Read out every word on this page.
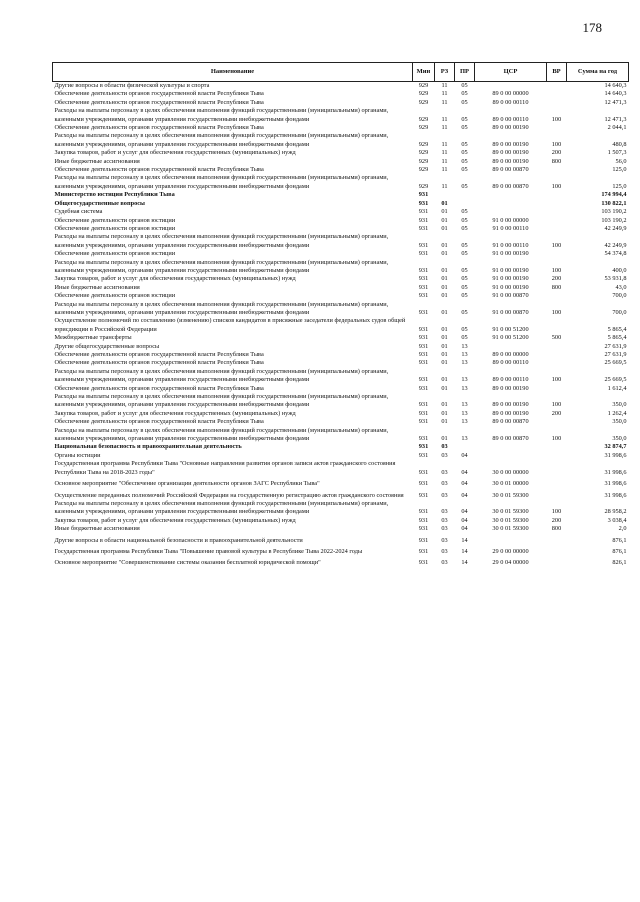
178
Наименование	Мин	РЗ	ПР	ЦСР	ВР	Сумма на год
Другие вопросы в области физической культуры и спорта	929	11	05			14 640,3
Обеспечение деятельности органов государственной власти Республики Тыва	929	11	05	89 0 00 00000		14 640,3
Обеспечение деятельности органов государственной власти Республики Тыва	929	11	05	89 0 00 00110		12 471,3
Расходы на выплаты персоналу в целях обеспечения выполнения функций государственными (муниципальными) органами, казенными учреждениями, органами управления государственными внебюджетными фондами	929	11	05	89 0 00 00110	100	12 471,3
Обеспечение деятельности органов государственной власти Республики Тыва	929	11	05	89 0 00 00190		2 044,1
Расходы на выплаты персоналу в целях обеспечения выполнения функций государственными (муниципальными) органами, казенными учреждениями, органами управления государственными внебюджетными фондами	929	11	05	89 0 00 00190	100	480,8
Закупка товаров, работ и услуг для обеспечения государственных (муниципальных) нужд	929	11	05	89 0 00 00190	200	1 507,3
Иные бюджетные ассигнования	929	11	05	89 0 00 00190	800	56,0
Обеспечение деятельности органов государственной власти Республики Тыва	929	11	05	89 0 00 00870		125,0
Расходы на выплаты персоналу в целях обеспечения выполнения функций государственными (муниципальными) органами, казенными учреждениями, органами управления государственными внебюджетными фондами	929	11	05	89 0 00 00870	100	125,0
Министерство юстиции Республики Тыва	931					174 994,4
Общегосударственные вопросы	931	01				130 822,1
Судебная система	931	01	05			103 190,2
Обеспечение деятельности органов юстиции	931	01	05	91 0 00 00000		103 190,2
Обеспечение деятельности органов юстиции	931	01	05	91 0 00 00110		42 249,9
Расходы на выплаты персоналу в целях обеспечения выполнения функций государственными (муниципальными) органами, казенными учреждениями, органами управления государственными внебюджетными фондами	931	01	05	91 0 00 00110	100	42 249,9
Обеспечение деятельности органов юстиции	931	01	05	91 0 00 00190		54 374,8
Расходы на выплаты персоналу в целях обеспечения выполнения функций государственными (муниципальными) органами, казенными учреждениями, органами управления государственными внебюджетными фондами	931	01	05	91 0 00 00190	100	400,0
Закупка товаров, работ и услуг для обеспечения государственных (муниципальных) нужд	931	01	05	91 0 00 00190	200	53 931,8
Иные бюджетные ассигнования	931	01	05	91 0 00 00190	800	43,0
Обеспечение деятельности органов юстиции	931	01	05	91 0 00 00870		700,0
Расходы на выплаты персоналу в целях обеспечения выполнения функций государственными (муниципальными) органами, казенными учреждениями, органами управления государственными внебюджетными фондами	931	01	05	91 0 00 00870	100	700,0
Осуществление полномочий по составлению (изменению) списков кандидатов в присяжные заседатели федеральных судов общей юрисдикции в Российской Федерации	931	01	05	91 0 00 51200		5 865,4
Межбюджетные трансферты	931	01	05	91 0 00 51200	500	5 865,4
Другие общегосударственные вопросы	931	01	13			27 631,9
Обеспечение деятельности органов государственной власти Республики Тыва	931	01	13	89 0 00 00000		27 631,9
Обеспечение деятельности органов государственной власти Республики Тыва	931	01	13	89 0 00 00110		25 669,5
Расходы на выплаты персоналу в целях обеспечения выполнения функций государственными (муниципальными) органами, казенными учреждениями, органами управления государственными внебюджетными фондами	931	01	13	89 0 00 00110	100	25 669,5
Обеспечение деятельности органов государственной власти Республики Тыва	931	01	13	89 0 00 00190		1 612,4
Расходы на выплаты персоналу в целях обеспечения выполнения функций государственными (муниципальными) органами, казенными учреждениями, органами управления государственными внебюджетными фондами	931	01	13	89 0 00 00190	100	350,0
Закупка товаров, работ и услуг для обеспечения государственных (муниципальных) нужд	931	01	13	89 0 00 00190	200	1 262,4
Обеспечение деятельности органов государственной власти Республики Тыва	931	01	13	89 0 00 00870		350,0
Расходы на выплаты персоналу в целях обеспечения выполнения функций государственными (муниципальными) органами, казенными учреждениями, органами управления государственными внебюджетными фондами	931	01	13	89 0 00 00870	100	350,0
Национальная безопасность и правоохранительная деятельность	931	03				32 874,7
Органы юстиции	931	03	04			31 998,6
Государственная программа Республики Тыва "Основные направления развития органов записи актов гражданского состояния Республики Тыва на 2018-2023 годы"	931	03	04	30 0 00 00000		31 998,6
Основное мероприятие "Обеспечение организации деятельности органов ЗАГС Республики Тыва"	931	03	04	30 0 01 00000		31 998,6
Осуществление переданных полномочий Российской Федерации на государственную регистрацию актов гражданского состояния	931	03	04	30 0 01 59300		31 998,6
Расходы на выплаты персоналу в целях обеспечения выполнения функций государственными (муниципальными) органами, казенными учреждениями, органами управления государственными внебюджетными фондами	931	03	04	30 0 01 59300	100	28 958,2
Закупка товаров, работ и услуг для обеспечения государственных (муниципальных) нужд	931	03	04	30 0 01 59300	200	3 038,4
Иные бюджетные ассигнования	931	03	04	30 0 01 59300	800	2,0
Другие вопросы в области национальной безопасности и правоохранительной деятельности	931	03	14			876,1
Государственная программа Республики Тыва "Повышение правовой культуры в Республике Тыва 2022-2024 годы	931	03	14	29 0 00 00000		876,1
Основное мероприятие "Совершенствование системы оказания бесплатной юридической помощи"	931	03	14	29 0 04 00000		826,1
